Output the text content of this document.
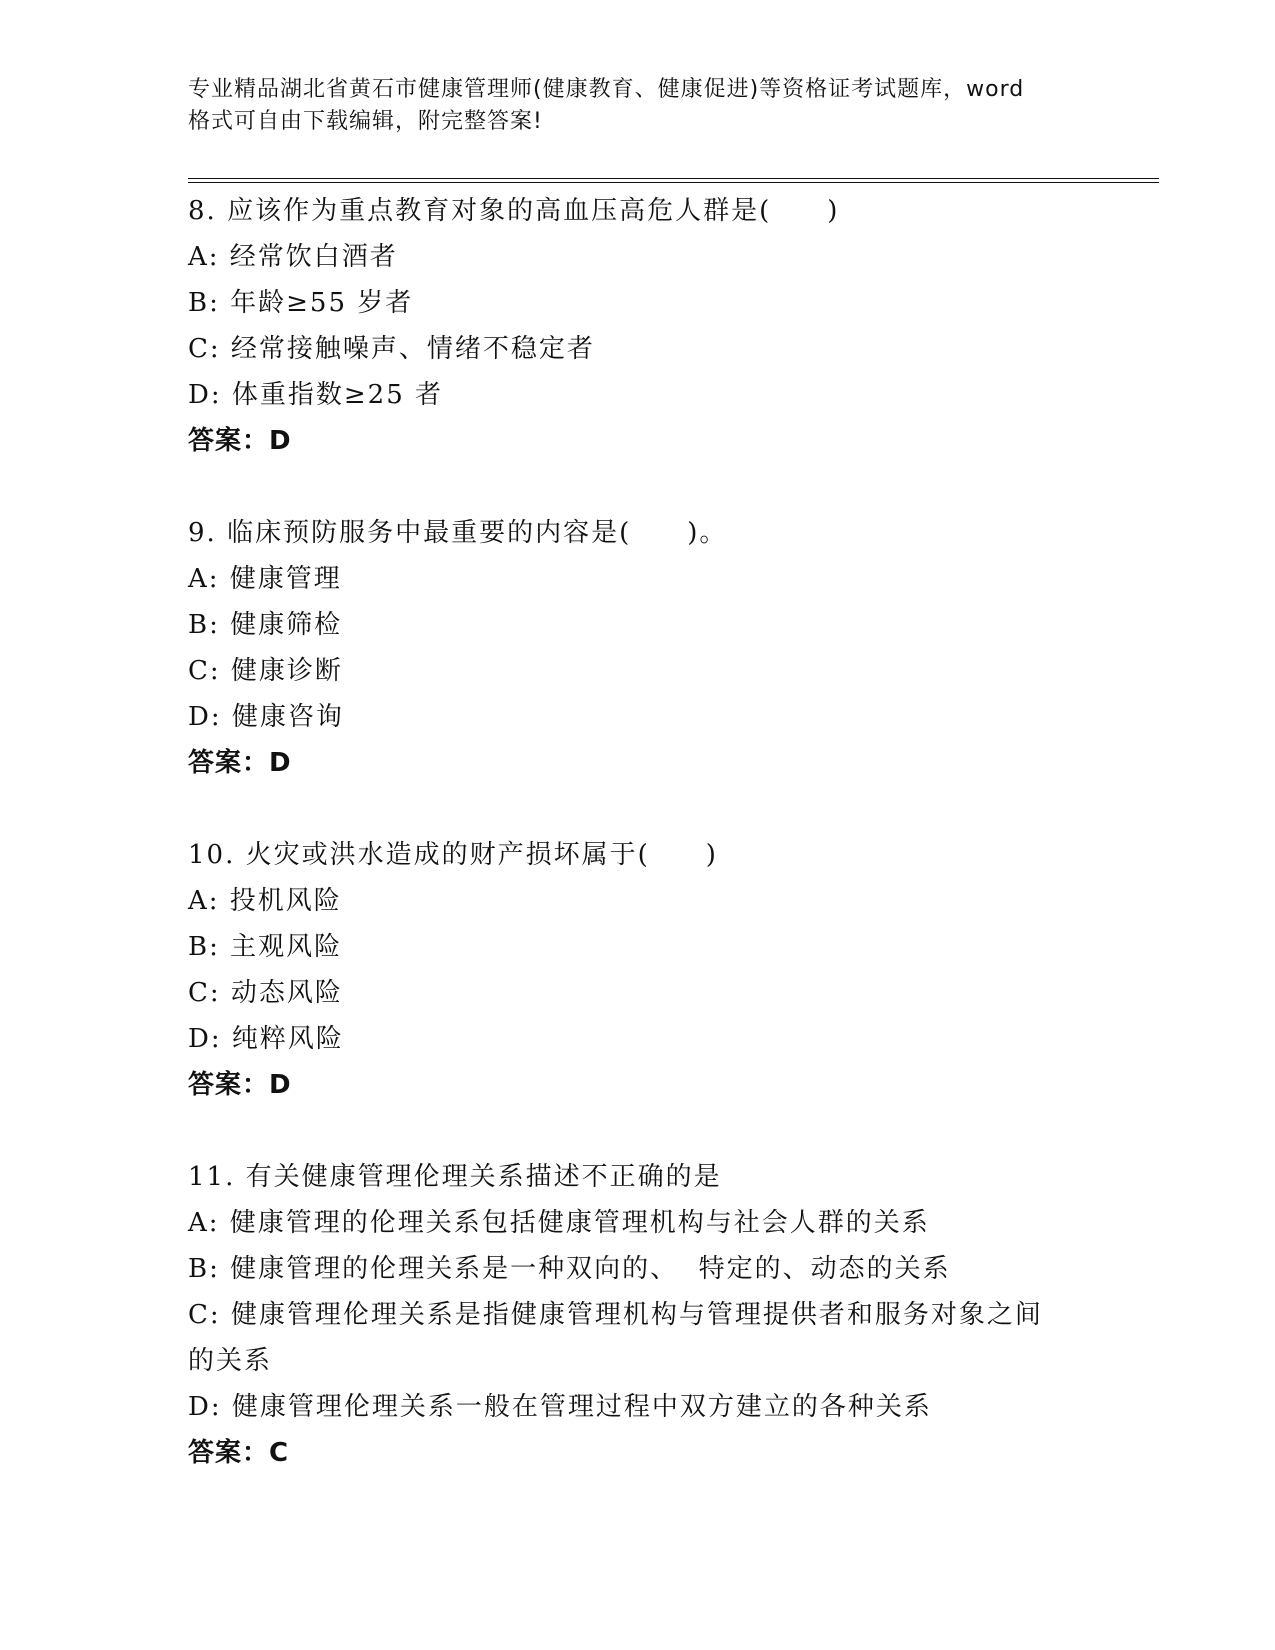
专业精品湖北省黄石市健康管理师(健康教育、健康促进)等资格证考试题库，word
格式可自由下载编辑，附完整答案!

8. 应该作为重点教育对象的高血压高危人群是(　　)

A: 经常饮白酒者

B: 年龄≥55 岁者

C: 经常接触噪声、情绪不稳定者

D: 体重指数≥25 者

答案：D

9. 临床预防服务中最重要的内容是(　　)。

A: 健康管理

B: 健康筛检

C: 健康诊断

D: 健康咨询

答案：D

10. 火灾或洪水造成的财产损坏属于(　　)

A: 投机风险

B: 主观风险

C: 动态风险

D: 纯粹风险

答案：D

11. 有关健康管理伦理关系描述不正确的是

A: 健康管理的伦理关系包括健康管理机构与社会人群的关系

B: 健康管理的伦理关系是一种双向的、  特定的、动态的关系

C: 健康管理伦理关系是指健康管理机构与管理提供者和服务对象之间的关系

D: 健康管理伦理关系一般在管理过程中双方建立的各种关系

答案：C
